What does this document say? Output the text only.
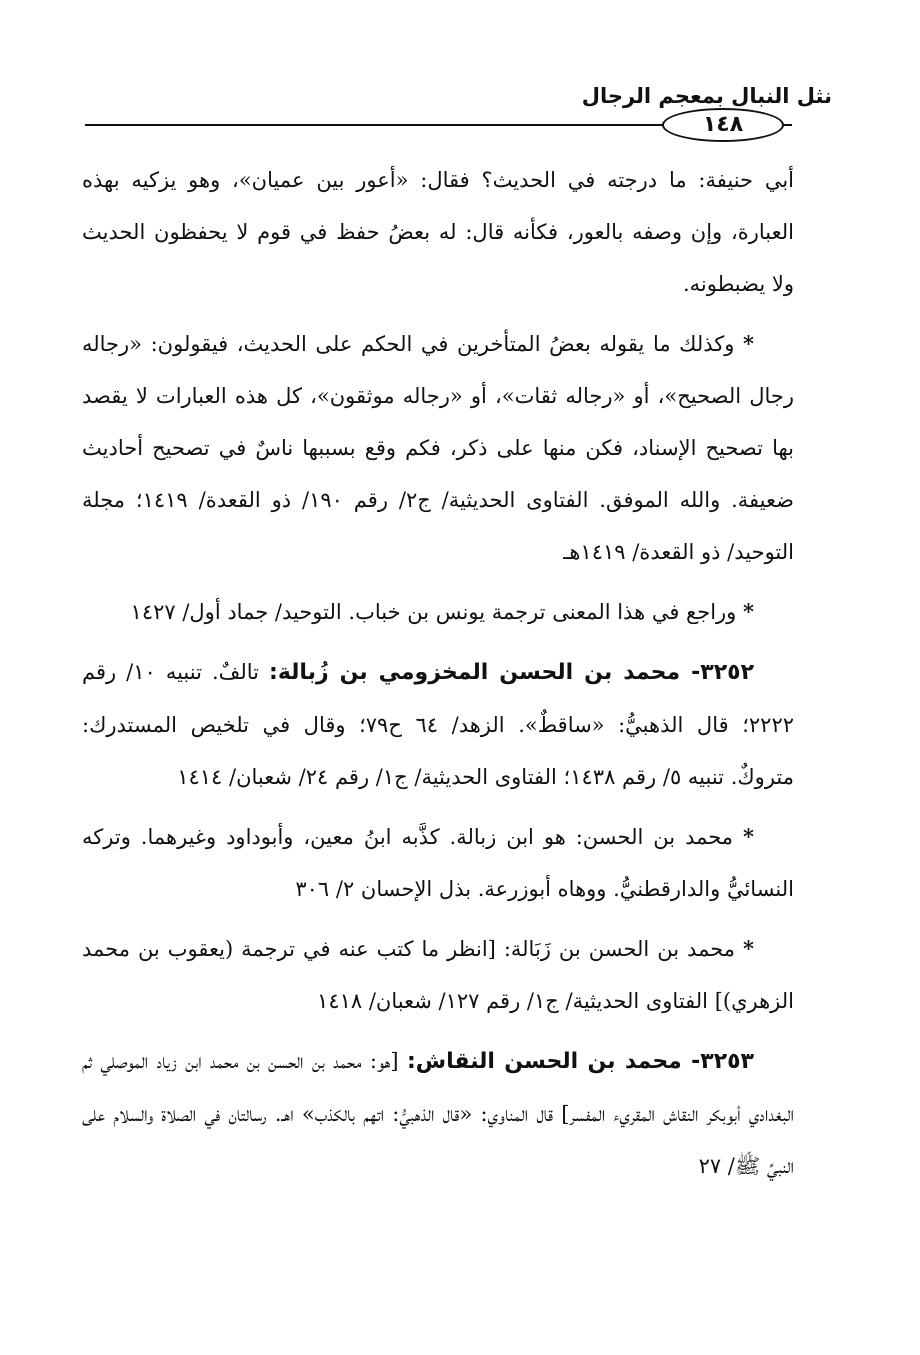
نثل النبال بمعجم الرجال
١٤٨

أبي حنيفة: ما درجته في الحديث؟ فقال: «أعور بين عميان»، وهو يزكيه بهذه العبارة، وإن وصفه بالعور، فكأنه قال: له بعضُ حفظ في قوم لا يحفظون الحديث ولا يضبطونه.

* وكذلك ما يقوله بعضُ المتأخرين في الحكم على الحديث، فيقولون: «رجاله رجال الصحيح»، أو «رجاله ثقات»، أو «رجاله موثقون»، كل هذه العبارات لا يقصد بها تصحيح الإسناد، فكن منها على ذكر، فكم وقع بسببها ناسٌ في تصحيح أحاديث ضعيفة. والله الموفق. الفتاوى الحديثية/ ج٢/ رقم ١٩٠/ ذو القعدة/ ١٤١٩؛ مجلة التوحيد/ ذو القعدة/ ١٤١٩هـ

* وراجع في هذا المعنى ترجمة يونس بن خباب. التوحيد/ جماد أول/ ١٤٢٧

٣٢٥٢- محمد بن الحسن المخزومي بن زُبالة: تالفٌ. تنبيه ١٠/ رقم ٢٢٢٢؛ قال الذهبيُّ: «ساقطٌ». الزهد/ ٦٤ ح٧٩؛ وقال في تلخيص المستدرك: متروكٌ. تنبيه ٥/ رقم ١٤٣٨؛ الفتاوى الحديثية/ ج١/ رقم ٢٤/ شعبان/ ١٤١٤

* محمد بن الحسن: هو ابن زبالة. كذَّبه ابنُ معين، وأبوداود وغيرهما. وتركه النسائيُّ والدارقطنيُّ. ووهاه أبوزرعة. بذل الإحسان ٢/ ٣٠٦

* محمد بن الحسن بن زَبَالة: [انظر ما كتب عنه في ترجمة (يعقوب بن محمد الزهري)] الفتاوى الحديثية/ ج١/ رقم ١٢٧/ شعبان/ ١٤١٨

٣٢٥٣- محمد بن الحسن النقاش: [هو: محمد بن الحسن بن محمد ابن زياد الموصلي ثم البغدادي أبوبكر النقاش المقريء المفسر] قال المناوي: «قال الذهبيُّ: اتهم بالكذب» اهـ. رسالتان في الصلاة والسلام على النبيِّ ﷺ/ ٢٧
